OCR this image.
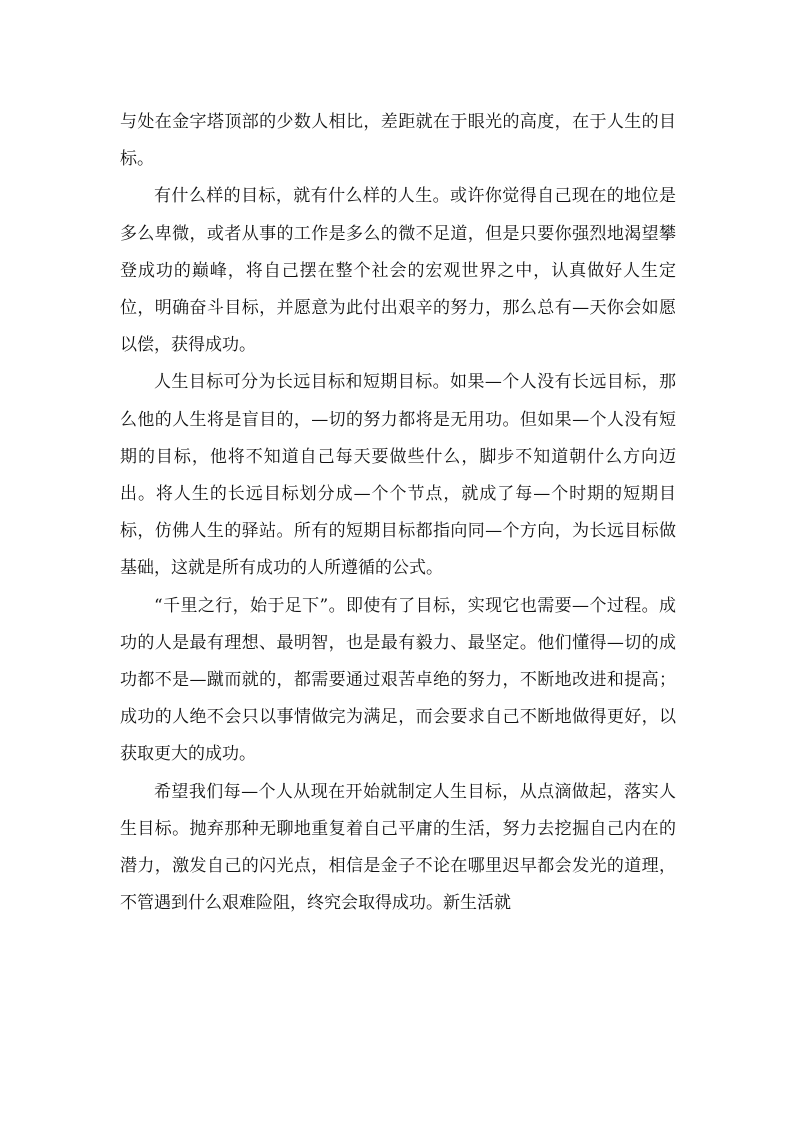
与处在金字塔顶部的少数人相比，差距就在于眼光的高度，在于人生的目标。

有什么样的目标，就有什么样的人生。或许你觉得自己现在的地位是多么卑微，或者从事的工作是多么的微不足道，但是只要你强烈地渴望攀登成功的巅峰，将自己摆在整个社会的宏观世界之中，认真做好人生定位，明确奋斗目标，并愿意为此付出艰辛的努力，那么总有—天你会如愿以偿，获得成功。

人生目标可分为长远目标和短期目标。如果—个人没有长远目标，那么他的人生将是盲目的，—切的努力都将是无用功。但如果—个人没有短期的目标，他将不知道自己每天要做些什么，脚步不知道朝什么方向迈出。将人生的长远目标划分成—个个节点，就成了每—个时期的短期目标，仿佛人生的驿站。所有的短期目标都指向同—个方向，为长远目标做基础，这就是所有成功的人所遵循的公式。

“千里之行，始于足下”。即使有了目标，实现它也需要—个过程。成功的人是最有理想、最明智，也是最有毅力、最坚定。他们懂得—切的成功都不是—蹴而就的，都需要通过艰苦卓绝的努力，不断地改进和提高；成功的人绝不会只以事情做完为满足，而会要求自己不断地做得更好，以获取更大的成功。

希望我们每—个人从现在开始就制定人生目标，从点滴做起，落实人生目标。抛弃那种无聊地重复着自己平庸的生活，努力去挖掘自己内在的潜力，激发自己的闪光点，相信是金子不论在哪里迟早都会发光的道理，不管遇到什么艰难险阻，终究会取得成功。新生活就
